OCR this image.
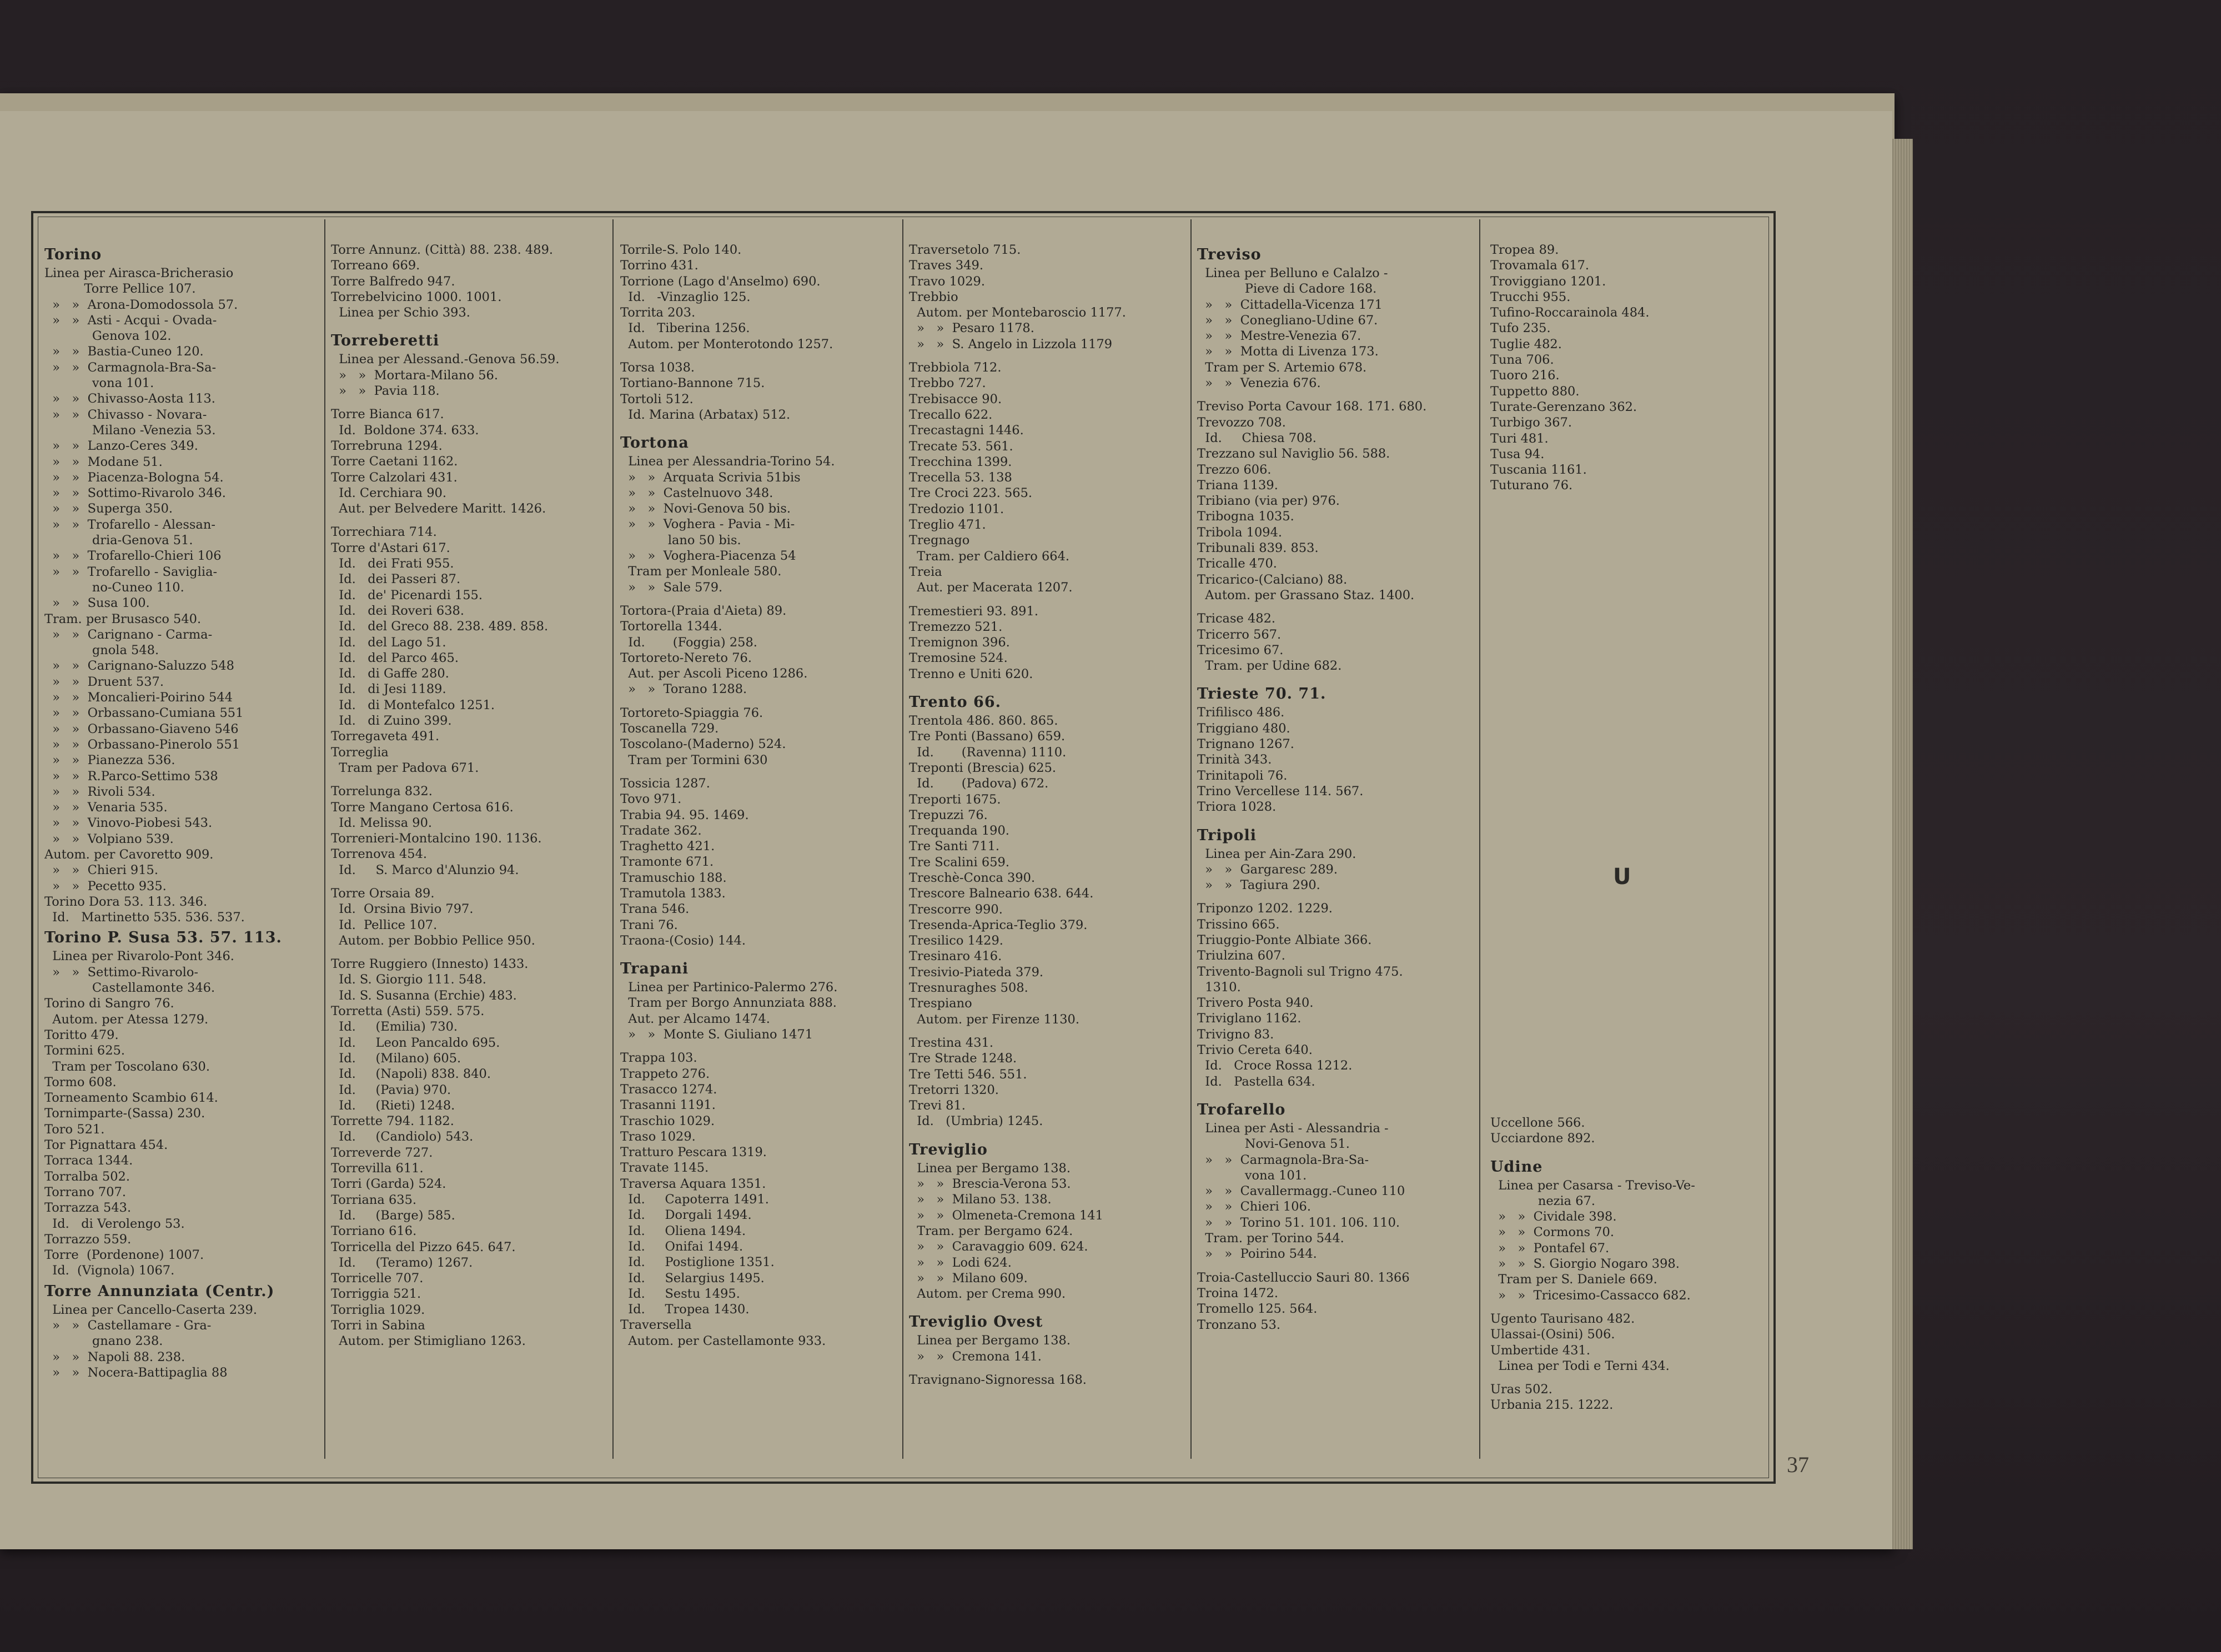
Torino
Linea per Airasca-Bricherasio
Torre Pellice 107.
»   »  Arona-Domodossola 57.
»   »  Asti - Acqui - Ovada-
Genova 102.
»   »  Bastia-Cuneo 120.
»   »  Carmagnola-Bra-Sa-
vona 101.
»   »  Chivasso-Aosta 113.
»   »  Chivasso - Novara-
Milano -Venezia 53.
»   »  Lanzo-Ceres 349.
»   »  Modane 51.
»   »  Piacenza-Bologna 54.
»   »  Sottimo-Rivarolo 346.
»   »  Superga 350.
»   »  Trofarello - Alessan-
dria-Genova 51.
»   »  Trofarello-Chieri 106
»   »  Trofarello - Saviglia-
no-Cuneo 110.
»   »  Susa 100.
Tram. per Brusasco 540.
»   »  Carignano - Carma-
gnola 548.
»   »  Carignano-Saluzzo 548
»   »  Druent 537.
»   »  Moncalieri-Poirino 544
»   »  Orbassano-Cumiana 551
»   »  Orbassano-Giaveno 546
»   »  Orbassano-Pinerolo 551
»   »  Pianezza 536.
»   »  R.Parco-Settimo 538
»   »  Rivoli 534.
»   »  Venaria 535.
»   »  Vinovo-Piobesi 543.
»   »  Volpiano 539.
Autom. per Cavoretto 909.
»   »  Chieri 915.
»   »  Pecetto 935.
Torino Dora 53. 113. 346.
Id.   Martinetto 535. 536. 537.
Torino P. Susa 53. 57. 113.
Linea per Rivarolo-Pont 346.
»   »  Settimo-Rivarolo-
Castellamonte 346.
Torino di Sangro 76.
Autom. per Atessa 1279.
Toritto 479.
Tormini 625.
Tram per Toscolano 630.
Tormo 608.
Torneamento Scambio 614.
Tornimparte-(Sassa) 230.
Toro 521.
Tor Pignattara 454.
Torraca 1344.
Torralba 502.
Torrano 707.
Torrazza 543.
Id.   di Verolengo 53.
Torrazzo 559.
Torre  (Pordenone) 1007.
Id.  (Vignola) 1067.
Torre Annunziata (Centr.)
Linea per Cancello-Caserta 239.
»   »  Castellamare - Gra-
gnano 238.
»   »  Napoli 88. 238.
»   »  Nocera-Battipaglia 88
Torre Annunz. (Città) 88. 238. 489.
Torreano 669.
Torre Balfredo 947.
Torrebelvicino 1000. 1001.
Linea per Schio 393.
Torreberetti
Linea per Alessand.-Genova 56.59.
»   »  Mortara-Milano 56.
»   »  Pavia 118.
Torre Bianca 617.
Id.  Boldone 374. 633.
Torrebruna 1294.
Torre Caetani 1162.
Torre Calzolari 431.
Id. Cerchiara 90.
Aut. per Belvedere Maritt. 1426.
Torrechiara 714.
Torre d'Astari 617.
Id.   dei Frati 955.
Id.   dei Passeri 87.
Id.   de' Picenardi 155.
Id.   dei Roveri 638.
Id.   del Greco 88. 238. 489. 858.
Id.   del Lago 51.
Id.   del Parco 465.
Id.   di Gaffe 280.
Id.   di Jesi 1189.
Id.   di Montefalco 1251.
Id.   di Zuino 399.
Torregaveta 491.
Torreglia
Tram per Padova 671.
Torrelunga 832.
Torre Mangano Certosa 616.
Id. Melissa 90.
Torrenieri-Montalcino 190. 1136.
Torrenova 454.
Id.     S. Marco d'Alunzio 94.
Torre Orsaia 89.
Id.  Orsina Bivio 797.
Id.  Pellice 107.
Autom. per Bobbio Pellice 950.
Torre Ruggiero (Innesto) 1433.
Id. S. Giorgio 111. 548.
Id. S. Susanna (Erchie) 483.
Torretta (Asti) 559. 575.
Id.     (Emilia) 730.
Id.     Leon Pancaldo 695.
Id.     (Milano) 605.
Id.     (Napoli) 838. 840.
Id.     (Pavia) 970.
Id.     (Rieti) 1248.
Torrette 794. 1182.
Id.     (Candiolo) 543.
Torreverde 727.
Torrevilla 611.
Torri (Garda) 524.
Torriana 635.
Id.     (Barge) 585.
Torriano 616.
Torricella del Pizzo 645. 647.
Id.     (Teramo) 1267.
Torricelle 707.
Torriggia 521.
Torriglia 1029.
Torri in Sabina
Autom. per Stimigliano 1263.
Torrile-S. Polo 140.
Torrino 431.
Torrione (Lago d'Anselmo) 690.
Id.   -Vinzaglio 125.
Torrita 203.
Id.   Tiberina 1256.
Autom. per Monterotondo 1257.
Torsa 1038.
Tortiano-Bannone 715.
Tortoli 512.
Id. Marina (Arbatax) 512.
Tortona
Linea per Alessandria-Torino 54.
»   »  Arquata Scrivia 51bis
»   »  Castelnuovo 348.
»   »  Novi-Genova 50 bis.
»   »  Voghera - Pavia - Mi-
lano 50 bis.
»   »  Voghera-Piacenza 54
Tram per Monleale 580.
»   »  Sale 579.
Tortora-(Praia d'Aieta) 89.
Tortorella 1344.
Id.       (Foggia) 258.
Tortoreto-Nereto 76.
Aut. per Ascoli Piceno 1286.
»   »  Torano 1288.
Tortoreto-Spiaggia 76.
Toscanella 729.
Toscolano-(Maderno) 524.
Tram per Tormini 630
Tossicia 1287.
Tovo 971.
Trabia 94. 95. 1469.
Tradate 362.
Traghetto 421.
Tramonte 671.
Tramuschio 188.
Tramutola 1383.
Trana 546.
Trani 76.
Traona-(Cosio) 144.
Trapani
Linea per Partinico-Palermo 276.
Tram per Borgo Annunziata 888.
Aut. per Alcamo 1474.
»   »  Monte S. Giuliano 1471
Trappa 103.
Trappeto 276.
Trasacco 1274.
Trasanni 1191.
Traschio 1029.
Traso 1029.
Tratturo Pescara 1319.
Travate 1145.
Traversa Aquara 1351.
Id.     Capoterra 1491.
Id.     Dorgali 1494.
Id.     Oliena 1494.
Id.     Onifai 1494.
Id.     Postiglione 1351.
Id.     Selargius 1495.
Id.     Sestu 1495.
Id.     Tropea 1430.
Traversella
Autom. per Castellamonte 933.
Traversetolo 715.
Traves 349.
Travo 1029.
Trebbio
Autom. per Montebaroscio 1177.
»   »  Pesaro 1178.
»   »  S. Angelo in Lizzola 1179
Trebbiola 712.
Trebbo 727.
Trebisacce 90.
Trecallo 622.
Trecastagni 1446.
Trecate 53. 561.
Trecchina 1399.
Trecella 53. 138
Tre Croci 223. 565.
Tredozio 1101.
Treglio 471.
Tregnago
Tram. per Caldiero 664.
Treia
Aut. per Macerata 1207.
Tremestieri 93. 891.
Tremezzo 521.
Tremignon 396.
Tremosine 524.
Trenno e Uniti 620.
Trento 66.
Trentola 486. 860. 865.
Tre Ponti (Bassano) 659.
Id.       (Ravenna) 1110.
Treponti (Brescia) 625.
Id.       (Padova) 672.
Treporti 1675.
Trepuzzi 76.
Trequanda 190.
Tre Santi 711.
Tre Scalini 659.
Treschè-Conca 390.
Trescore Balneario 638. 644.
Trescorre 990.
Tresenda-Aprica-Teglio 379.
Tresilico 1429.
Tresinaro 416.
Tresivio-Piateda 379.
Tresnuraghes 508.
Trespiano
Autom. per Firenze 1130.
Trestina 431.
Tre Strade 1248.
Tre Tetti 546. 551.
Tretorri 1320.
Trevi 81.
Id.   (Umbria) 1245.
Treviglio
Linea per Bergamo 138.
»   »  Brescia-Verona 53.
»   »  Milano 53. 138.
»   »  Olmeneta-Cremona 141
Tram. per Bergamo 624.
»   »  Caravaggio 609. 624.
»   »  Lodi 624.
»   »  Milano 609.
Autom. per Crema 990.
Treviglio Ovest
Linea per Bergamo 138.
»   »  Cremona 141.
Travignano-Signoressa 168.
Treviso
Linea per Belluno e Calalzo -
Pieve di Cadore 168.
»   »  Cittadella-Vicenza 171
»   »  Conegliano-Udine 67.
»   »  Mestre-Venezia 67.
»   »  Motta di Livenza 173.
Tram per S. Artemio 678.
»   »  Venezia 676.
Treviso Porta Cavour 168. 171. 680.
Trevozzo 708.
Id.     Chiesa 708.
Trezzano sul Naviglio 56. 588.
Trezzo 606.
Triana 1139.
Tribiano (via per) 976.
Tribogna 1035.
Tribola 1094.
Tribunali 839. 853.
Tricalle 470.
Tricarico-(Calciano) 88.
Autom. per Grassano Staz. 1400.
Tricase 482.
Tricerro 567.
Tricesimo 67.
Tram. per Udine 682.
Trieste 70. 71.
Trifilisco 486.
Triggiano 480.
Trignano 1267.
Trinità 343.
Trinitapoli 76.
Trino Vercellese 114. 567.
Triora 1028.
Tripoli
Linea per Ain-Zara 290.
»   »  Gargaresc 289.
»   »  Tagiura 290.
Triponzo 1202. 1229.
Trissino 665.
Triuggio-Ponte Albiate 366.
Triulzina 607.
Trivento-Bagnoli sul Trigno 475.
1310.
Trivero Posta 940.
Triviglano 1162.
Trivigno 83.
Trivio Cereta 640.
Id.   Croce Rossa 1212.
Id.   Pastella 634.
Trofarello
Linea per Asti - Alessandria -
Novi-Genova 51.
»   »  Carmagnola-Bra-Sa-
vona 101.
»   »  Cavallermagg.-Cuneo 110
»   »  Chieri 106.
»   »  Torino 51. 101. 106. 110.
Tram. per Torino 544.
»   »  Poirino 544.
Troia-Castelluccio Sauri 80. 1366
Troina 1472.
Tromello 125. 564.
Tronzano 53.
Tropea 89.
Trovamala 617.
Troviggiano 1201.
Trucchi 955.
Tufino-Roccarainola 484.
Tufo 235.
Tuglie 482.
Tuna 706.
Tuoro 216.
Tuppetto 880.
Turate-Gerenzano 362.
Turbigo 367.
Turi 481.
Tusa 94.
Tuscania 1161.
Tuturano 76.
Uccellone 566.
Ucciardone 892.
Udine
Linea per Casarsa - Treviso-Ve-
nezia 67.
»   »  Cividale 398.
»   »  Cormons 70.
»   »  Pontafel 67.
»   »  S. Giorgio Nogaro 398.
Tram per S. Daniele 669.
»   »  Tricesimo-Cassacco 682.
Ugento Taurisano 482.
Ulassai-(Osini) 506.
Umbertide 431.
Linea per Todi e Terni 434.
Uras 502.
Urbania 215. 1222.
U
37
